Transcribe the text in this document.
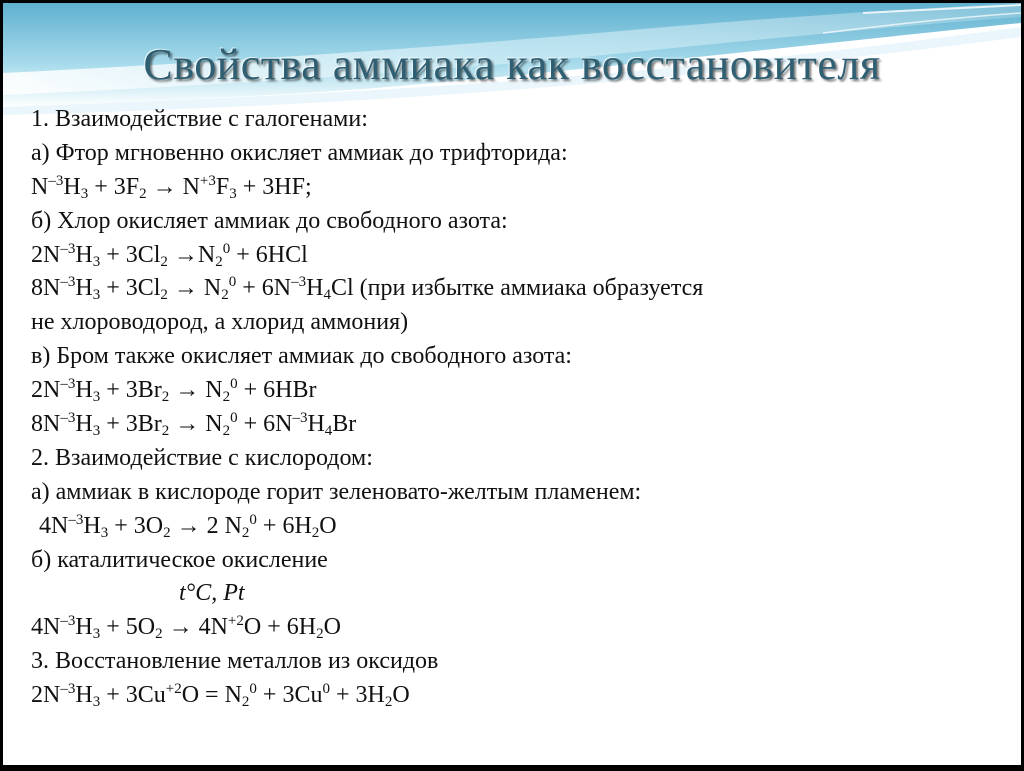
Свойства аммиака как восстановителя
1. Взаимодействие с галогенами:
а) Фтор мгновенно окисляет аммиак до трифторида:
$N^{-3}H_3 + 3F_2 \to N^{+3}F_3 + 3HF$;
б) Хлор окисляет аммиак до свободного азота:
$2N^{-3}H_3 + 3Cl_2 \to N_2^0 + 6HCl$
$8N^{-3}H_3 + 3Cl_2 \to N_2^0 + 6N^{-3}H_4Cl$ (при избытке аммиака образуется
не хлороводород, а хлорид аммония)
в) Бром также окисляет аммиак до свободного азота:
$2N^{-3}H_3 + 3Br_2 \to N_2^0 + 6HBr$
$8N^{-3}H_3 + 3Br_2 \to N_2^0 + 6N^{-3}H_4Br$
2. Взаимодействие с кислородом:
а) аммиак в кислороде горит зеленовато-желтым пламенем:
$4N^{-3}H_3 + 3O_2 \to 2$ $N_2^0 + 6H_2O$
б) каталитическое окисление
t°C, Pt
$4N^{-3}H_3 + 5O_2 \to 4N^{+2}O + 6H_2O$
3. Восстановление металлов из оксидов
$2N^{-3}H_3 + 3Cu^{+2}O = N_2^0 + 3Cu^0 + 3H_2O$
